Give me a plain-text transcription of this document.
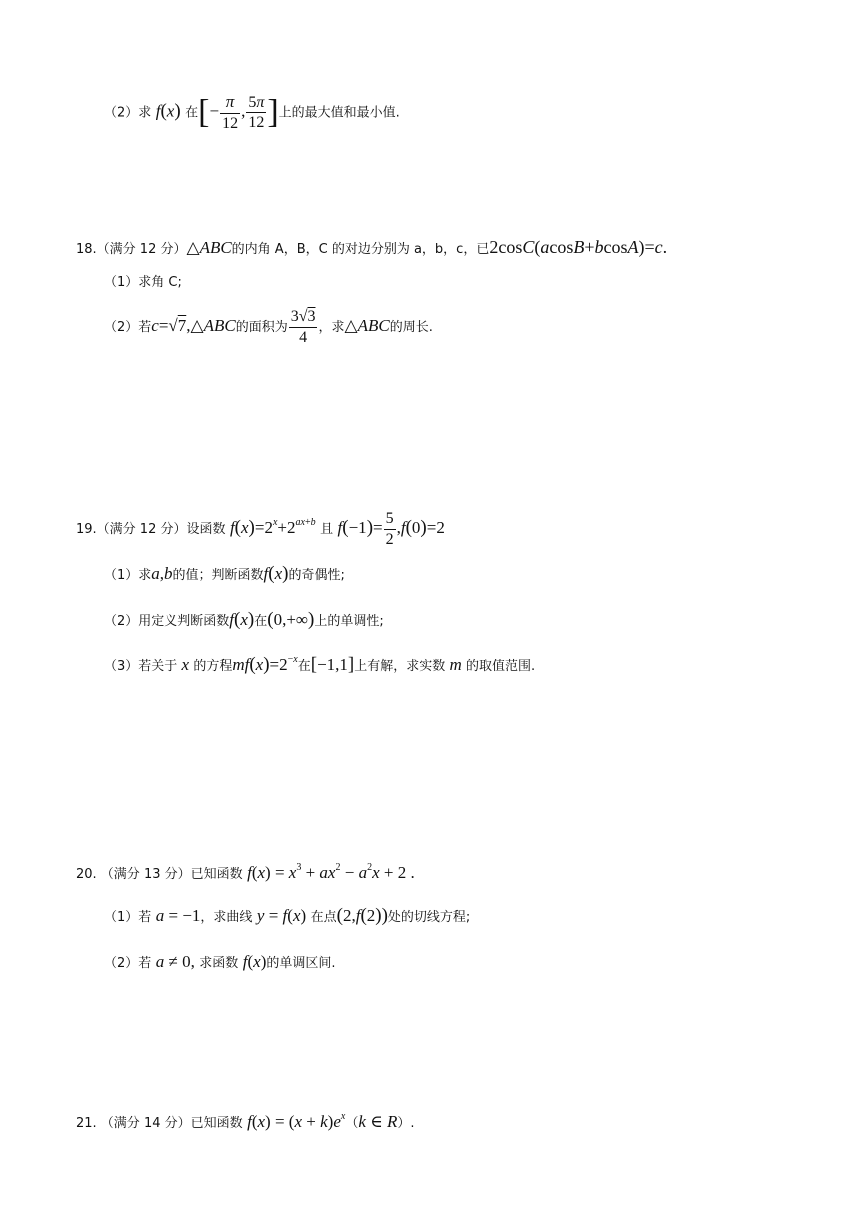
（2）求 f(x) 在[− $\frac{\pi}{12}$ , $\frac{5\pi}{12}$ ]上的最大值和最小值.
18.（满分 12 分）△ABC的内角 A，B，C 的对边分别为 a，b，c，已2cosC(acosB+bcosA)=c.
（1）求角 C;
（2）若c=√7,△ABC的面积为 $\frac{3√3}{4}$ ，求△ABC的周长.
19.（满分 12 分）设函数 $f(x)=2^x+2^{ax+b}$ 且 $f(-1)= \frac{5}{2} ,f(0)=2$
（1）求a,b的值；判断函数f(x)的奇偶性;
（2）用定义判断函数f(x)在(0,+∞)上的单调性;
（3）若关于 x 的方程$mf(x)=2^{-x}$在[−1,1]上有解，求实数 m 的取值范围.
20. （满分 13 分）已知函数 $f(x) = x^3 + ax^2 - a^2x + 2$ .
（1）若 a = −1，求曲线 y = f(x) 在点(2,f(2))处的切线方程;
（2）若 a ≠ 0, 求函数 f(x)的单调区间.
21. （满分 14 分）已知函数 $f(x) = (x + k)e^x(k$ ∈ R）.
